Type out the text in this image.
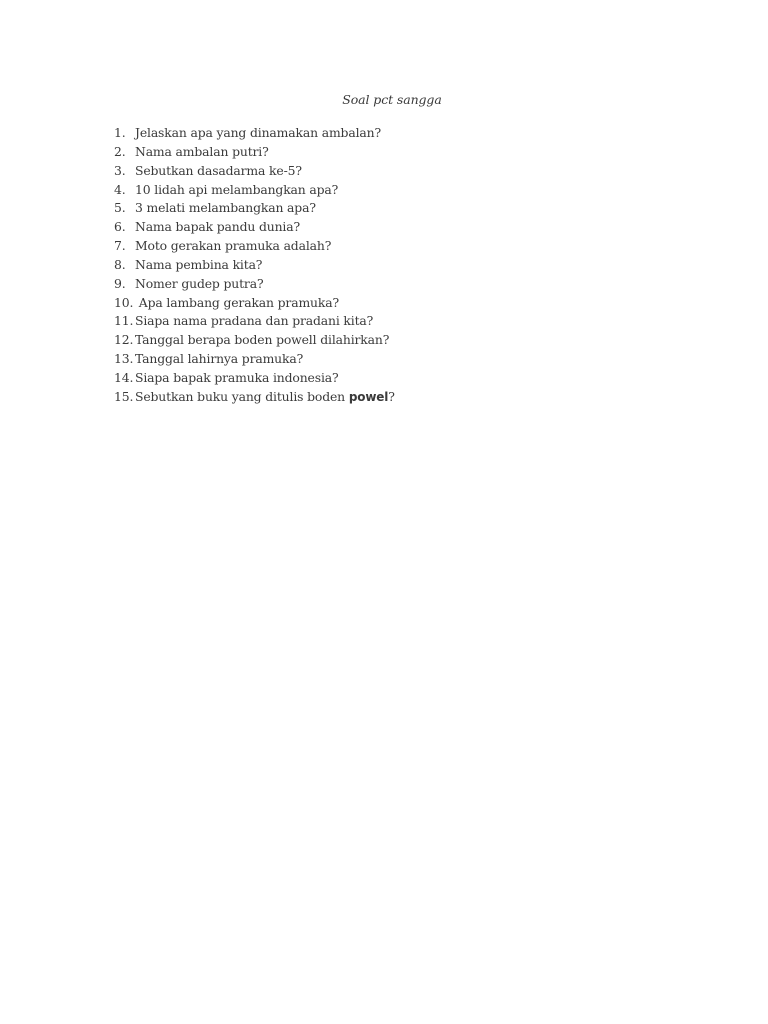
Soal pct sangga
1. Jelaskan apa yang dinamakan ambalan?
2. Nama ambalan putri?
3. Sebutkan dasadarma ke-5?
4. 10 lidah api melambangkan apa?
5. 3 melati melambangkan apa?
6. Nama bapak pandu dunia?
7. Moto gerakan pramuka adalah?
8. Nama pembina kita?
9. Nomer gudep putra?
10. Apa lambang gerakan pramuka?
11. Siapa nama pradana dan pradani kita?
12. Tanggal berapa boden powell dilahirkan?
13. Tanggal lahirnya pramuka?
14. Siapa bapak pramuka indonesia?
15. Sebutkan buku yang ditulis boden powel?
